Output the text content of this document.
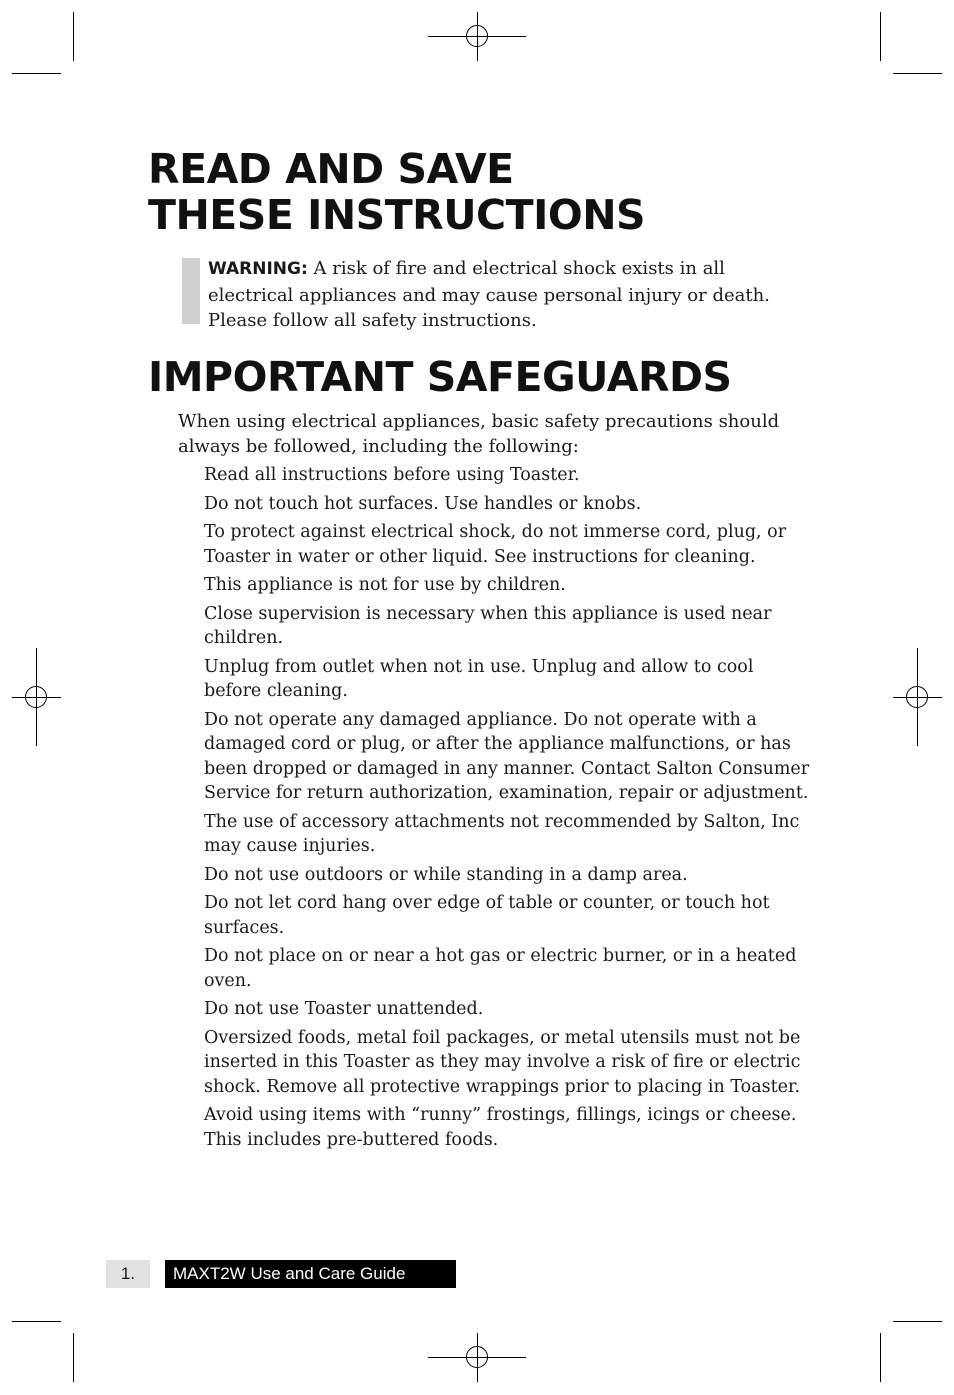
READ AND SAVE
THESE INSTRUCTIONS

WARNING: A risk of fire and electrical shock exists in all electrical appliances and may cause personal injury or death. Please follow all safety instructions.

IMPORTANT SAFEGUARDS

When using electrical appliances, basic safety precautions should always be followed, including the following:

Read all instructions before using Toaster.
Do not touch hot surfaces. Use handles or knobs.
To protect against electrical shock, do not immerse cord, plug, or Toaster in water or other liquid. See instructions for cleaning.
This appliance is not for use by children.
Close supervision is necessary when this appliance is used near children.
Unplug from outlet when not in use. Unplug and allow to cool before cleaning.
Do not operate any damaged appliance. Do not operate with a damaged cord or plug, or after the appliance malfunctions, or has been dropped or damaged in any manner. Contact Salton Consumer Service for return authorization, examination, repair or adjustment.
The use of accessory attachments not recommended by Salton, Inc may cause injuries.
Do not use outdoors or while standing in a damp area.
Do not let cord hang over edge of table or counter, or touch hot surfaces.
Do not place on or near a hot gas or electric burner, or in a heated oven.
Do not use Toaster unattended.
Oversized foods, metal foil packages, or metal utensils must not be inserted in this Toaster as they may involve a risk of fire or electric shock. Remove all protective wrappings prior to placing in Toaster.
Avoid using items with “runny” frostings, fillings, icings or cheese. This includes pre-buttered foods.
1.	MAXT2W Use and Care Guide
